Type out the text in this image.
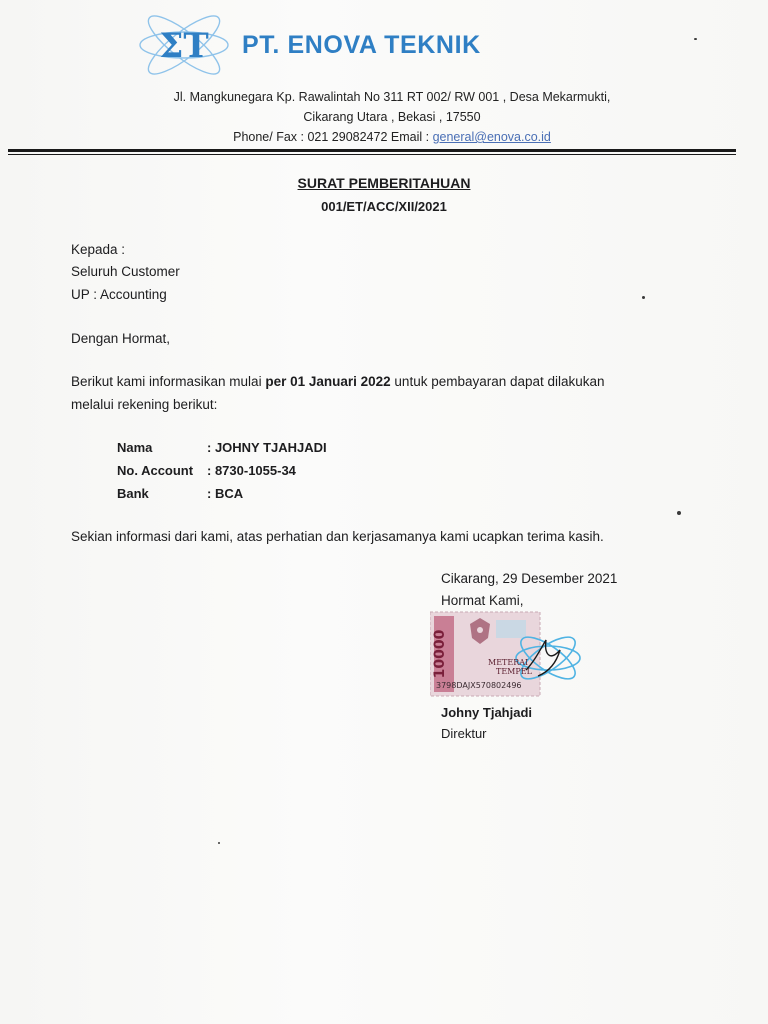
ΣT PT. ENOVA TEKNIK
Jl. Mangkunegara Kp. Rawalintah No 311 RT 002/ RW 001 , Desa Mekarmukti,
Cikarang Utara , Bekasi , 17550
Phone/ Fax : 021 29082472 Email : general@enova.co.id
SURAT PEMBERITAHUAN
001/ET/ACC/XII/2021
Kepada :
Seluruh Customer
UP : Accounting
Dengan Hormat,
Berikut kami informasikan mulai per 01 Januari 2022 untuk pembayaran dapat dilakukan
melalui rekening berikut:
Nama	: JOHNY TJAHJADI
No. Account : 8730-1055-34
Bank	: BCA
Sekian informasi dari kami, atas perhatian dan kerjasamanya kami ucapkan terima kasih.
Cikarang, 29 Desember 2021
Hormat Kami,
10000	METERAI
TEMPEL
3798DAJX570802496
Johny Tjahjadi
Direktur
